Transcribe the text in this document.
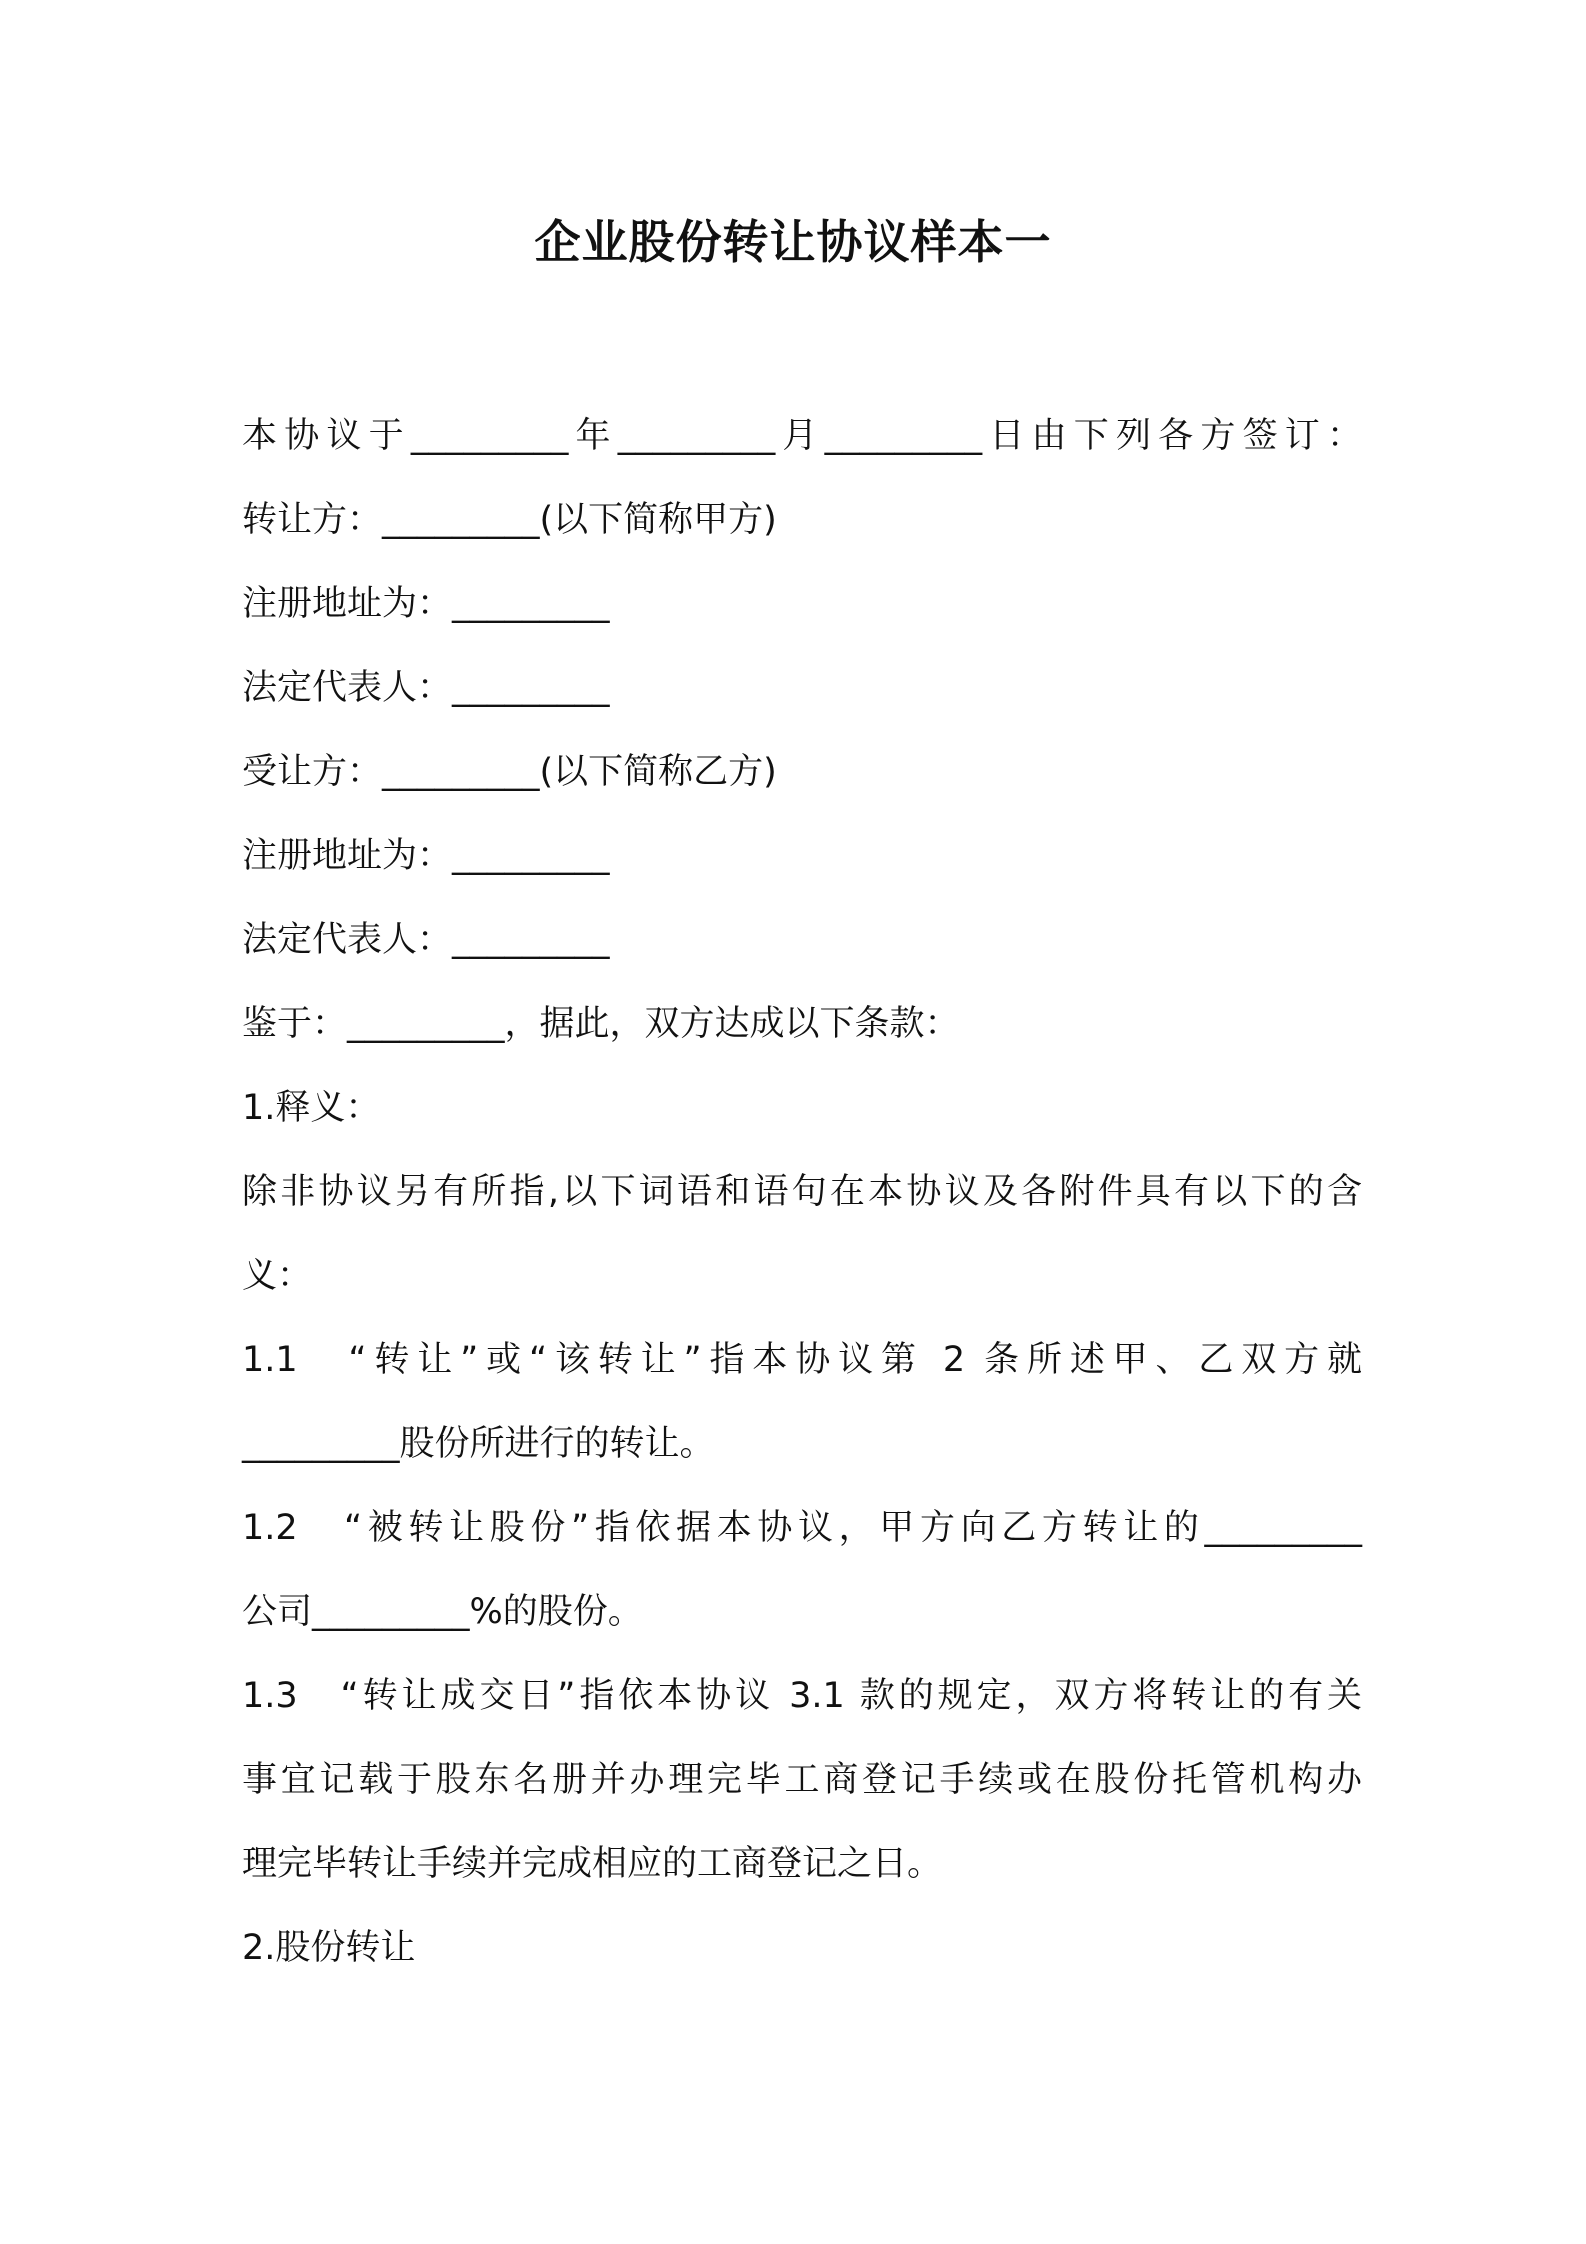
企业股份转让协议样本一
本协议于_________年_________月_________日由下列各方签订：
转让方：_________(以下简称甲方)
注册地址为：_________
法定代表人：_________
受让方：_________(以下简称乙方)
注册地址为：_________
法定代表人：_________
鉴于：_________，据此，双方达成以下条款：
1.释义：
除非协议另有所指,以下词语和语句在本协议及各附件具有以下的含
义：
1.1　“转让”或“该转让”指本协议第 2 条所述甲、乙双方就
_________股份所进行的转让。
1.2　“被转让股份”指依据本协议，甲方向乙方转让的_________
公司_________%的股份。
1.3　“转让成交日”指依本协议 3.1 款的规定，双方将转让的有关
事宜记载于股东名册并办理完毕工商登记手续或在股份托管机构办
理完毕转让手续并完成相应的工商登记之日。
2.股份转让
